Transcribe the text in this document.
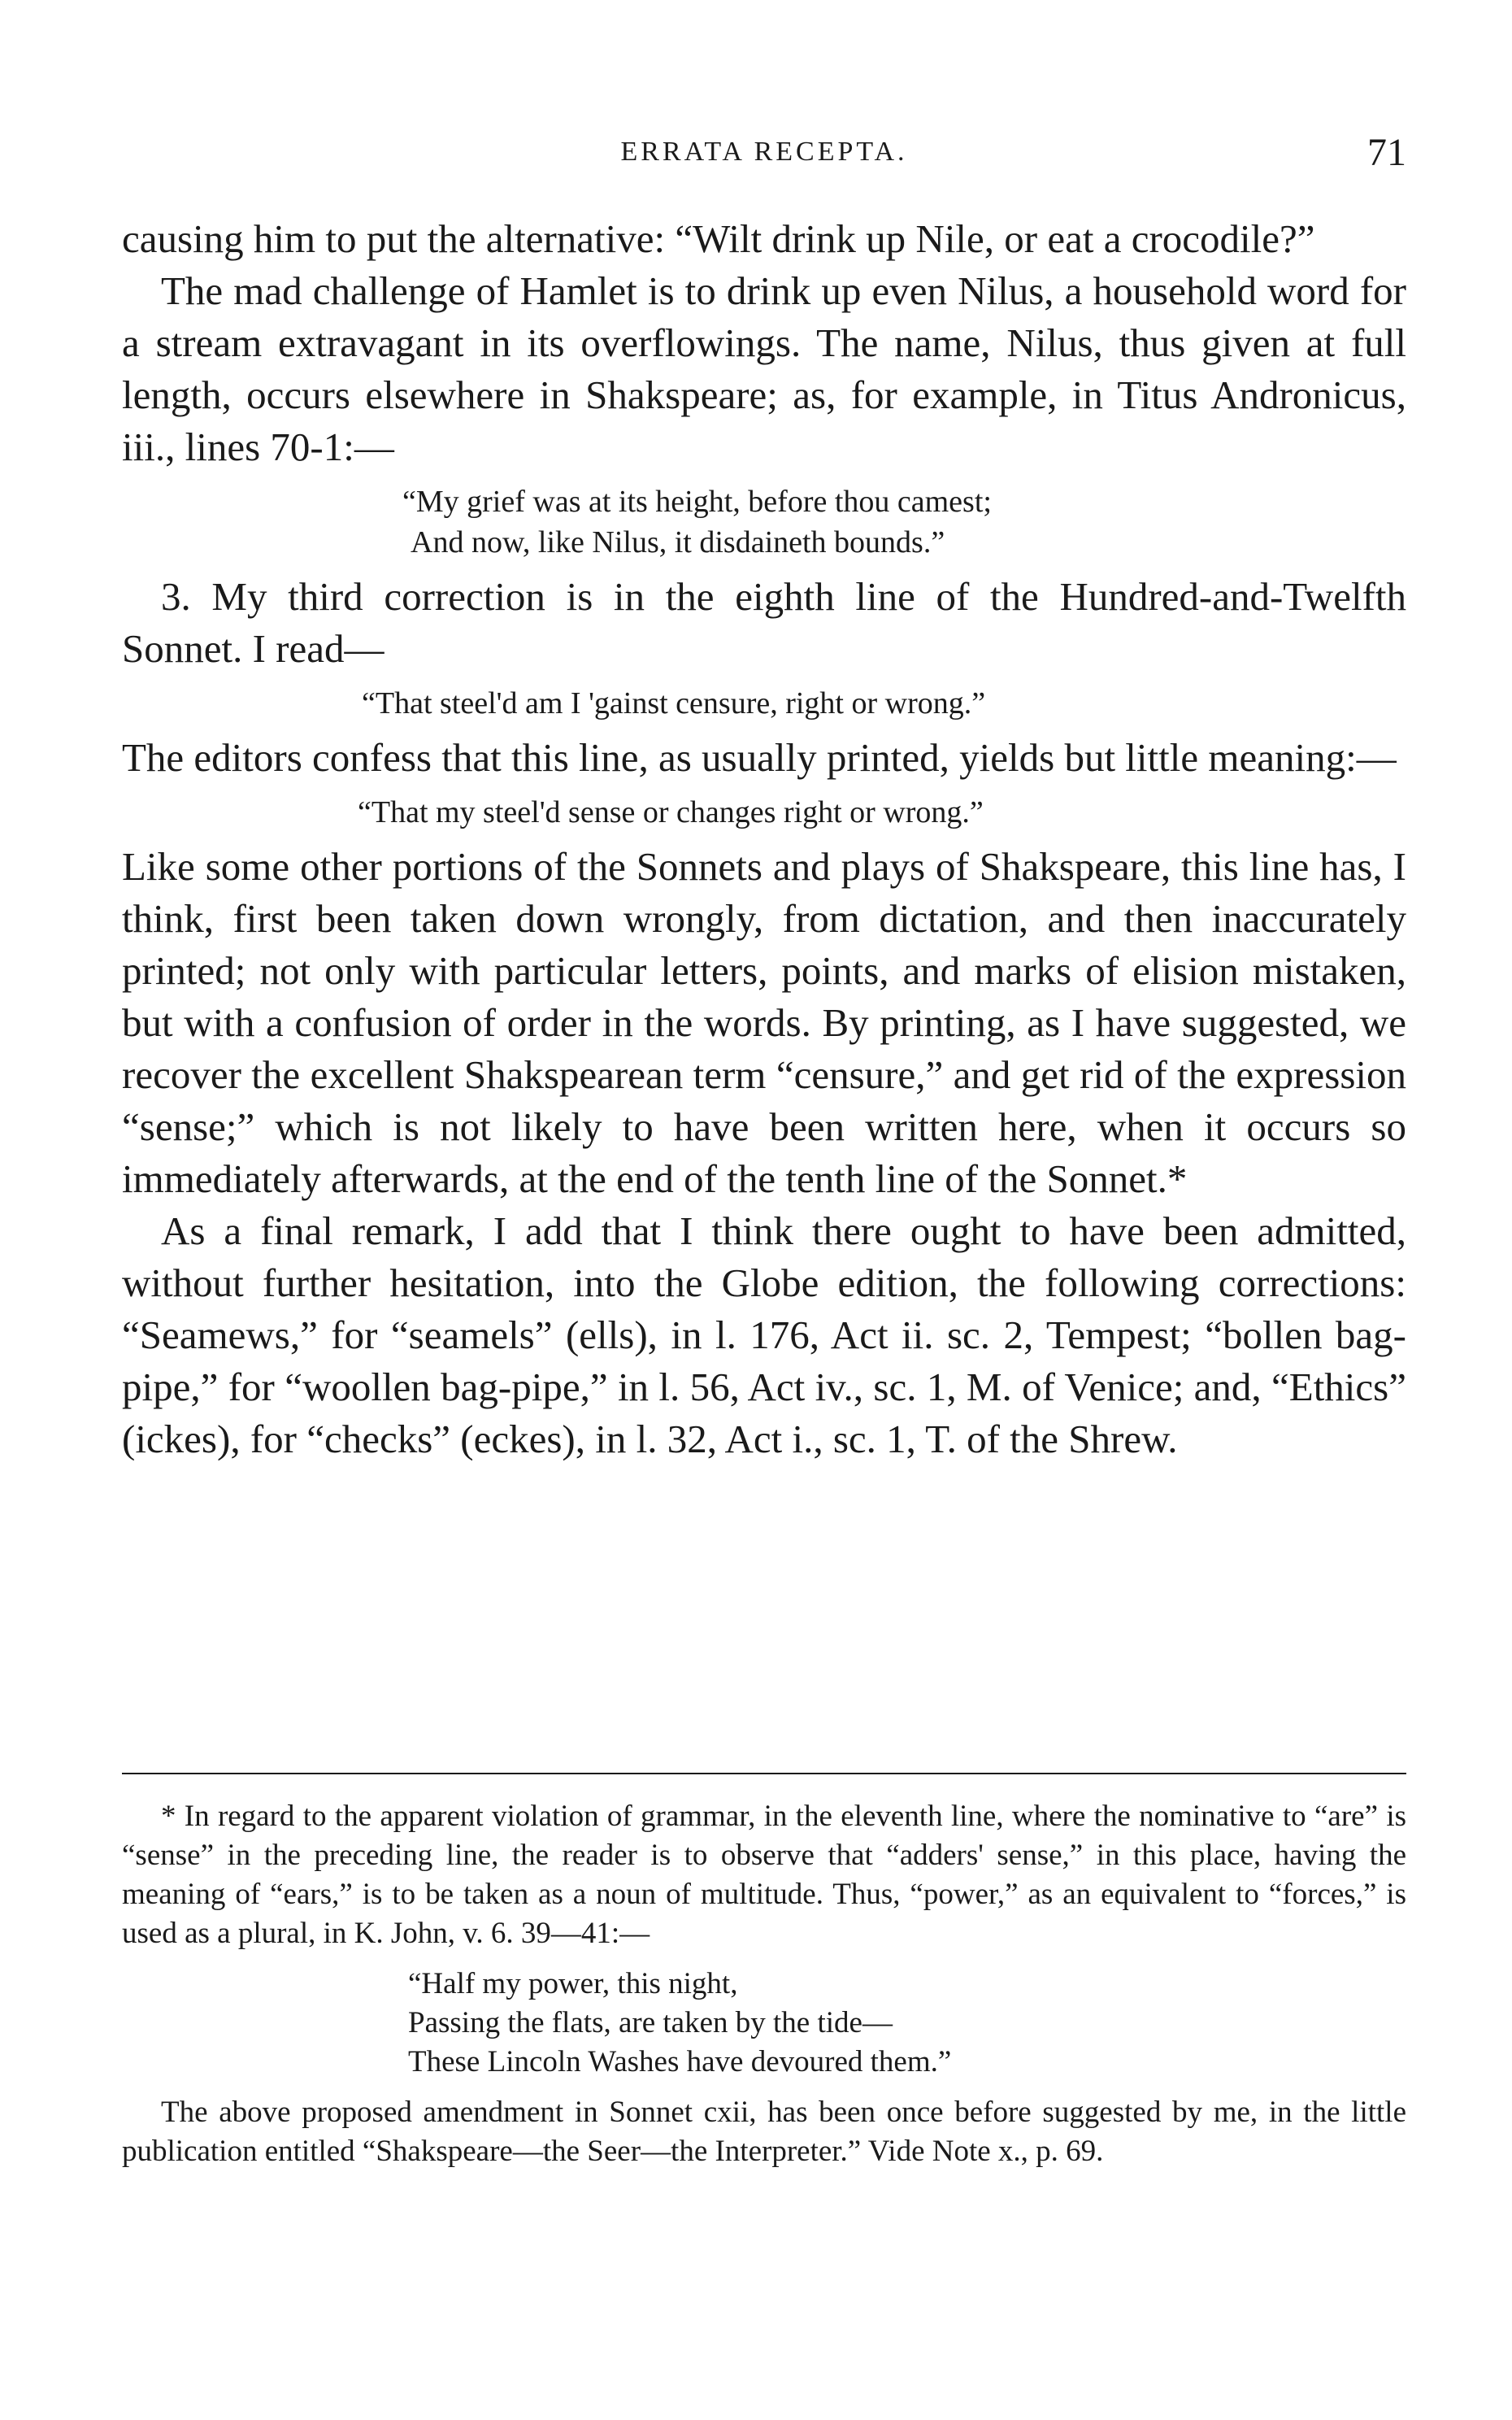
ERRATA RECEPTA.	71

causing him to put the alternative: “Wilt drink up Nile, or eat a crocodile?”

The mad challenge of Hamlet is to drink up even Nilus, a household word for a stream extravagant in its overflowings. The name, Nilus, thus given at full length, occurs elsewhere in Shakspeare; as, for example, in Titus Andronicus, iii., lines 70-1:—

“My grief was at its height, before thou camest;
And now, like Nilus, it disdaineth bounds.”

3. My third correction is in the eighth line of the Hundred-and-Twelfth Sonnet. I read—

“That steel'd am I 'gainst censure, right or wrong.”

The editors confess that this line, as usually printed, yields but little meaning:—

“That my steel'd sense or changes right or wrong.”

Like some other portions of the Sonnets and plays of Shakspeare, this line has, I think, first been taken down wrongly, from dictation, and then inaccurately printed; not only with particular letters, points, and marks of elision mistaken, but with a confusion of order in the words. By printing, as I have suggested, we recover the excellent Shakspearean term “censure,” and get rid of the expression “sense;” which is not likely to have been written here, when it occurs so immediately afterwards, at the end of the tenth line of the Sonnet.*

As a final remark, I add that I think there ought to have been admitted, without further hesitation, into the Globe edition, the following corrections: “Seamews,” for “seamels” (ells), in l. 176, Act ii. sc. 2, Tempest; “bollen bag-pipe,” for “woollen bag-pipe,” in l. 56, Act iv., sc. 1, M. of Venice; and, “Ethics” (ickes), for “checks” (eckes), in l. 32, Act i., sc. 1, T. of the Shrew.

* In regard to the apparent violation of grammar, in the eleventh line, where the nominative to “are” is “sense” in the preceding line, the reader is to observe that “adders' sense,” in this place, having the meaning of “ears,” is to be taken as a noun of multitude. Thus, “power,” as an equivalent to “forces,” is used as a plural, in K. John, v. 6. 39—41:—

“Half my power, this night,
Passing the flats, are taken by the tide—
These Lincoln Washes have devoured them.”

The above proposed amendment in Sonnet cxii, has been once before suggested by me, in the little publication entitled “Shakspeare—the Seer—the Interpreter.” Vide Note x., p. 69.
